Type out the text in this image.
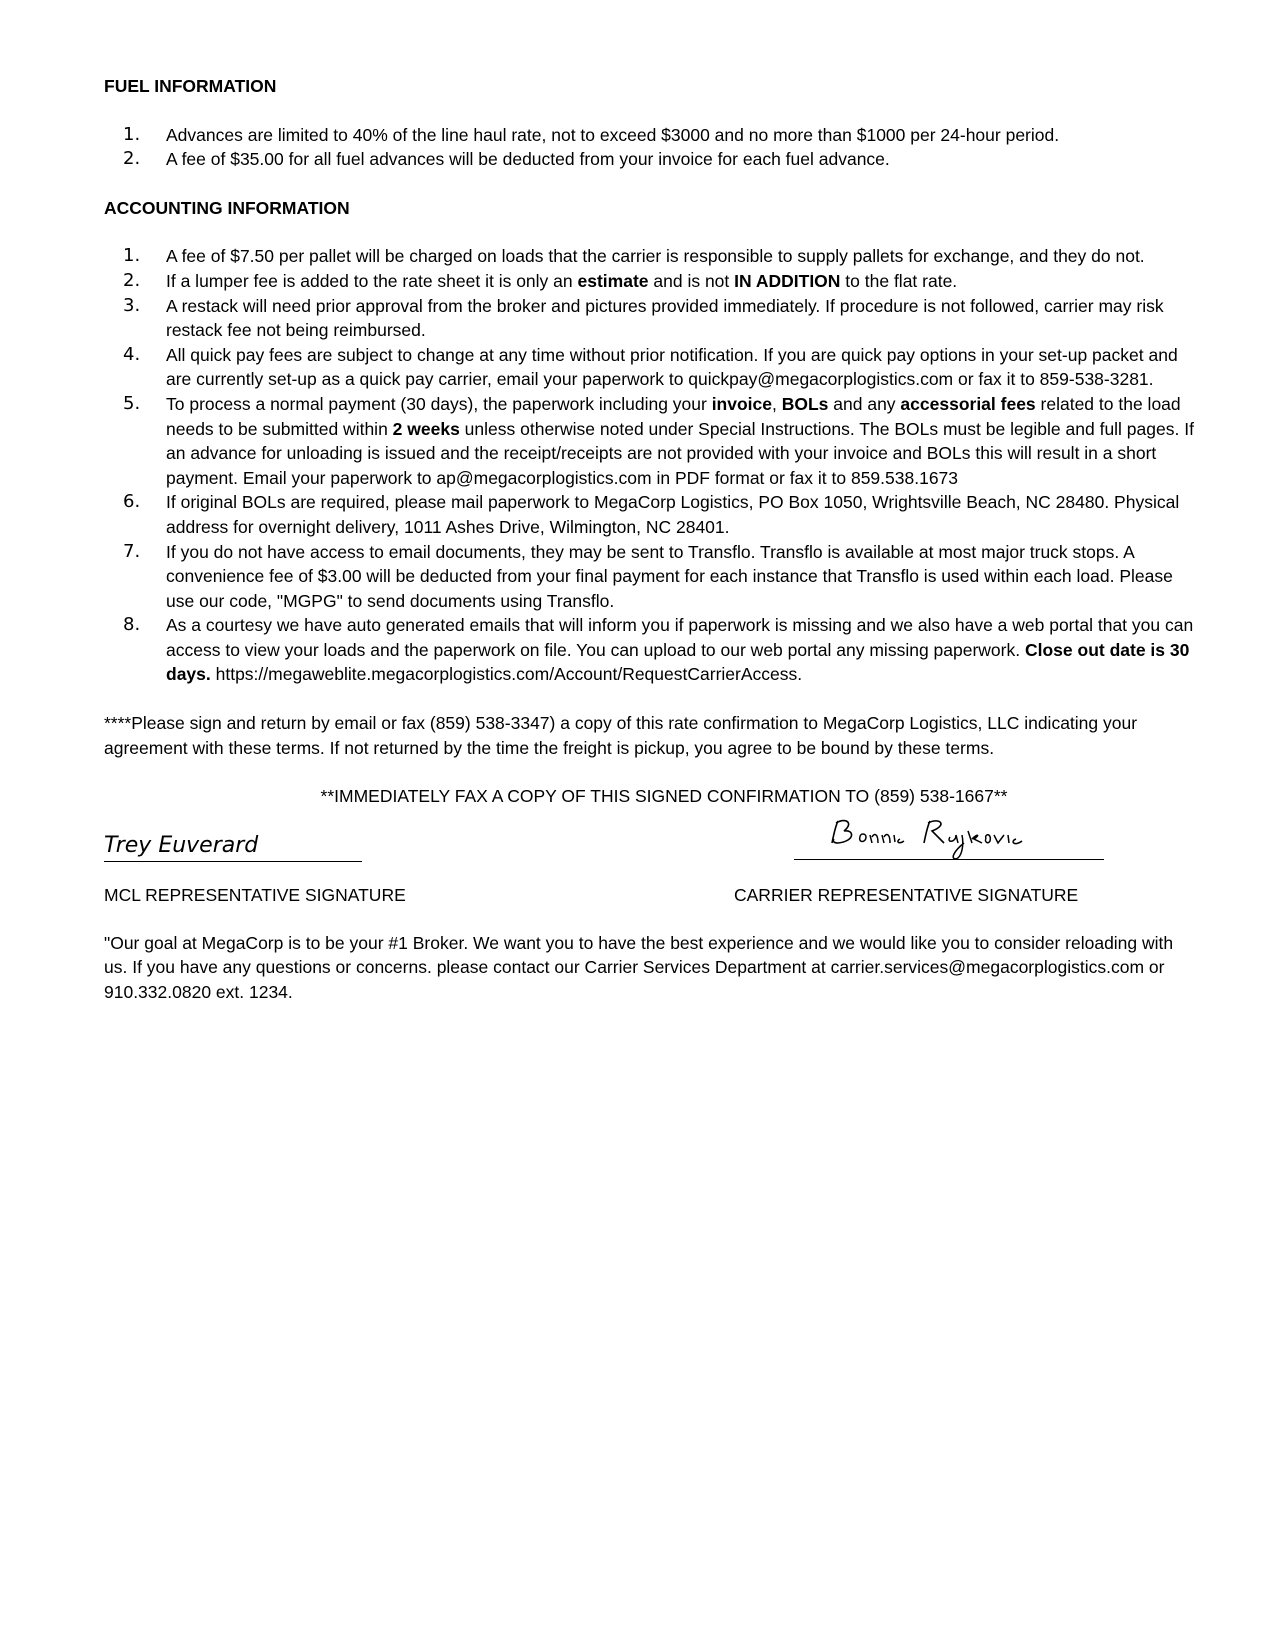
FUEL INFORMATION

1. Advances are limited to 40% of the line haul rate, not to exceed $3000 and no more than $1000 per 24-hour period.
2. A fee of $35.00 for all fuel advances will be deducted from your invoice for each fuel advance.

ACCOUNTING INFORMATION

1. A fee of $7.50 per pallet will be charged on loads that the carrier is responsible to supply pallets for exchange, and they do not.
2. If a lumper fee is added to the rate sheet it is only an estimate and is not IN ADDITION to the flat rate.
3. A restack will need prior approval from the broker and pictures provided immediately. If procedure is not followed, carrier may risk restack fee not being reimbursed.
4. All quick pay fees are subject to change at any time without prior notification. If you are quick pay options in your set-up packet and are currently set-up as a quick pay carrier, email your paperwork to quickpay@megacorplogistics.com or fax it to 859-538-3281.
5. To process a normal payment (30 days), the paperwork including your invoice, BOLs and any accessorial fees related to the load needs to be submitted within 2 weeks unless otherwise noted under Special Instructions. The BOLs must be legible and full pages. If an advance for unloading is issued and the receipt/receipts are not provided with your invoice and BOLs this will result in a short payment. Email your paperwork to ap@megacorplogistics.com in PDF format or fax it to 859.538.1673
6. If original BOLs are required, please mail paperwork to MegaCorp Logistics, PO Box 1050, Wrightsville Beach, NC 28480. Physical address for overnight delivery, 1011 Ashes Drive, Wilmington, NC 28401.
7. If you do not have access to email documents, they may be sent to Transflo. Transflo is available at most major truck stops. A convenience fee of $3.00 will be deducted from your final payment for each instance that Transflo is used within each load. Please use our code, "MGPG" to send documents using Transflo.
8. As a courtesy we have auto generated emails that will inform you if paperwork is missing and we also have a web portal that you can access to view your loads and the paperwork on file. You can upload to our web portal any missing paperwork. Close out date is 30 days. https://megaweblite.megacorplogistics.com/Account/RequestCarrierAccess.

****Please sign and return by email or fax (859) 538-3347) a copy of this rate confirmation to MegaCorp Logistics, LLC indicating your agreement with these terms. If not returned by the time the freight is pickup, you agree to be bound by these terms.

**IMMEDIATELY FAX A COPY OF THIS SIGNED CONFIRMATION TO (859) 538-1667**

Trey Euverard
MCL REPRESENTATIVE SIGNATURE	CARRIER REPRESENTATIVE SIGNATURE

"Our goal at MegaCorp is to be your #1 Broker. We want you to have the best experience and we would like you to consider reloading with us. If you have any questions or concerns. please contact our Carrier Services Department at carrier.services@megacorplogistics.com or 910.332.0820 ext. 1234.
